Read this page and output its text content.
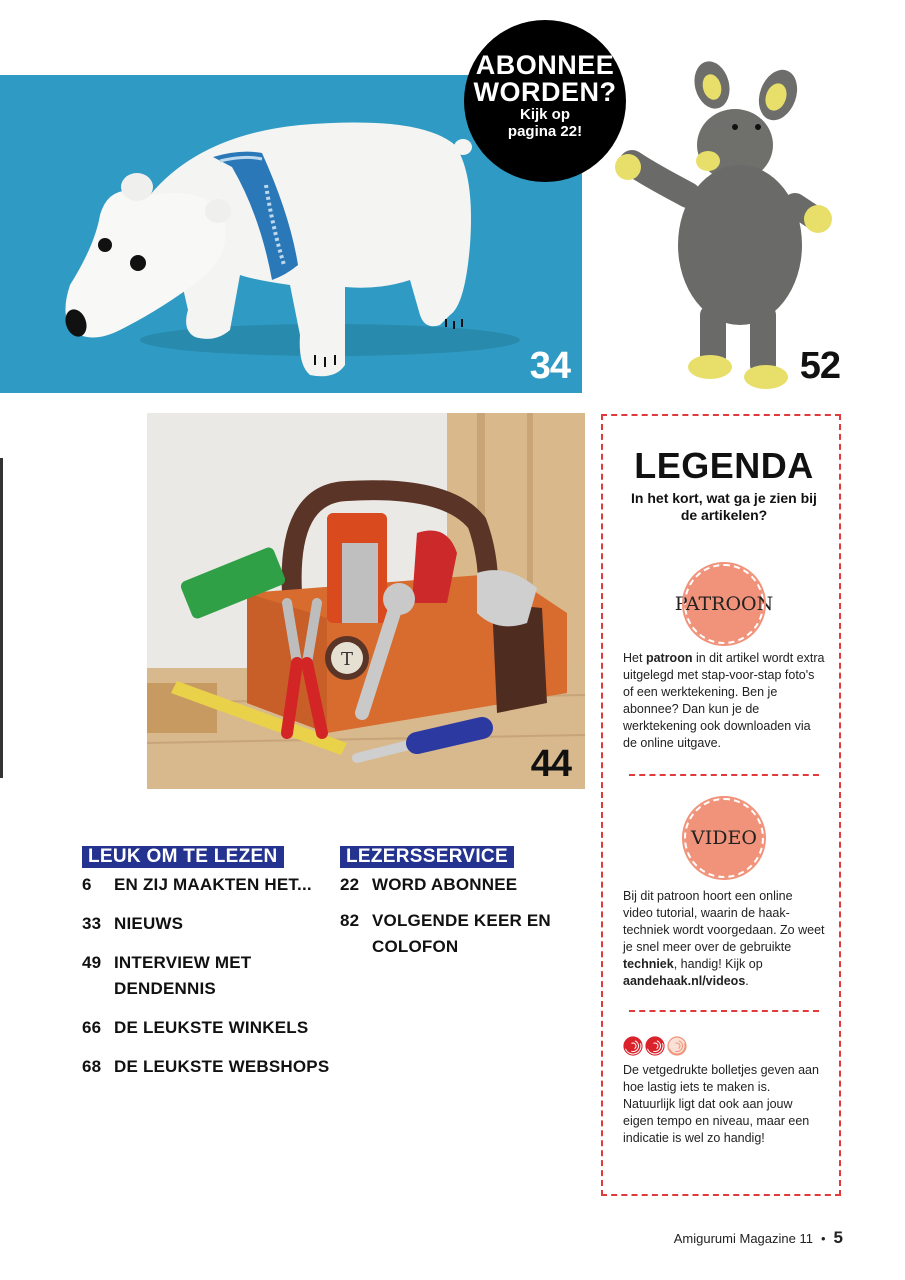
34	52
ABONNEE
WORDEN?
Kijk op
pagina 22!
T
44
LEUK OM TE LEZEN
6	EN ZIJ MAAKTEN HET...
33 NIEUWS
49 INTERVIEW MET DENDENNIS
66 DE LEUKSTE WINKELS
68 DE LEUKSTE WEBSHOPS
LEZERSSERVICE
22 WORD ABONNEE
82 VOLGENDE KEER EN COLOFON
LEGENDA
In het kort, wat ga je zien bij de artikelen?
PATROON

Het patroon in dit artikel wordt extra uitgelegd met stap-voor-stap foto's of een werktekening. Ben je abonnee? Dan kun je de werktekening ook downloaden via de online uitgave.

VIDEO

Bij dit patroon hoort een online video tutorial, waarin de haak-techniek wordt voorgedaan. Zo weet je snel meer over de gebruikte techniek, handig! Kijk op aandehaak.nl/videos.

De vetgedrukte bolletjes geven aan hoe lastig iets te maken is. Natuurlijk ligt dat ook aan jouw eigen tempo en niveau, maar een indicatie is wel zo handig!

Amigurumi Magazine 11 • 5
